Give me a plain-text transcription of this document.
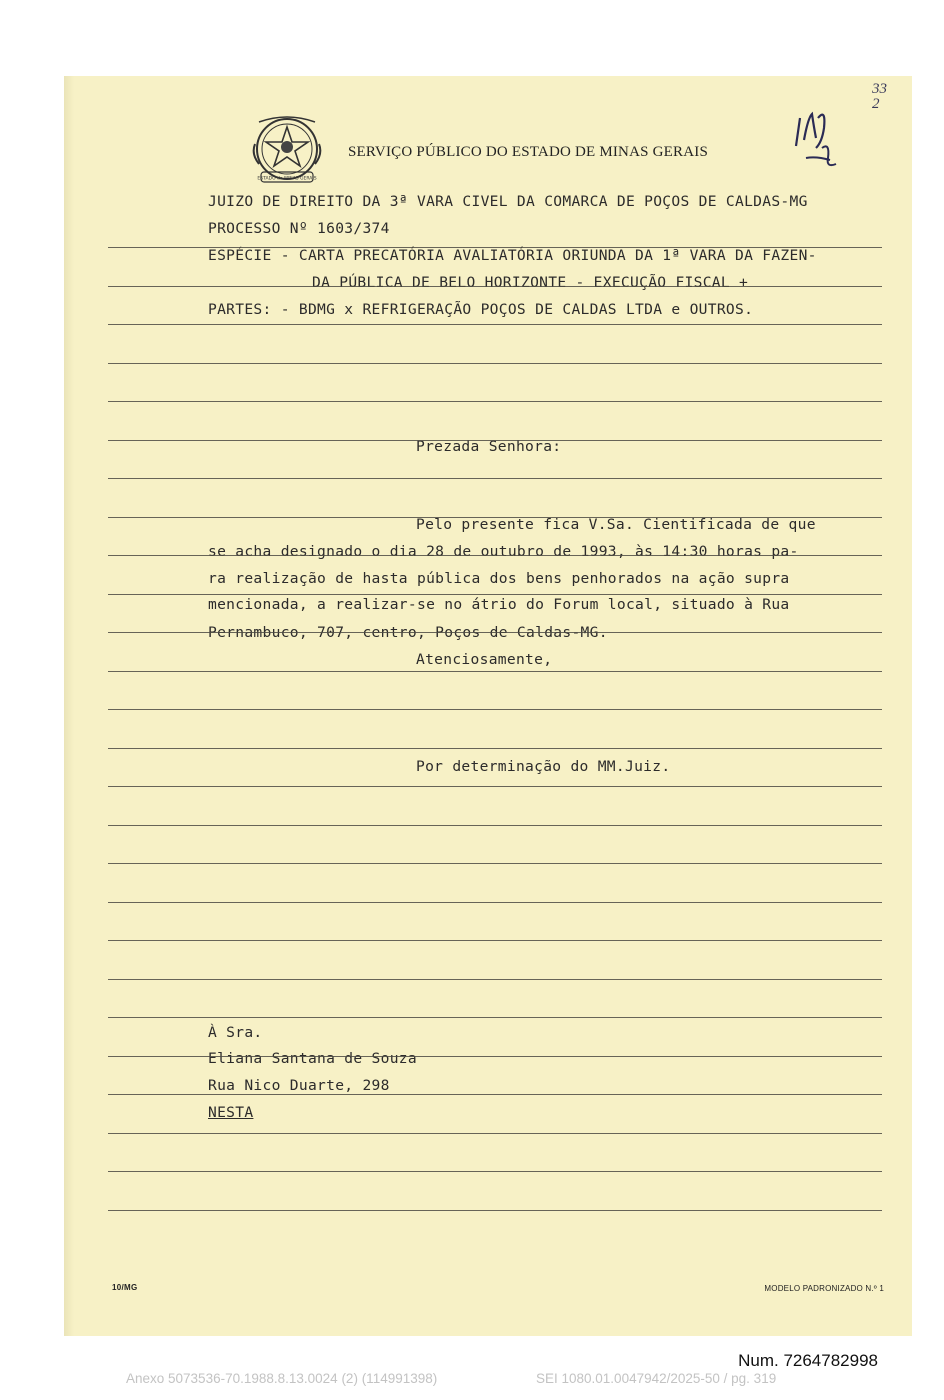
ESTADO de MINAS GERAIS
SERVIÇO PÚBLICO DO ESTADO DE MINAS GERAIS
33
2
JUIZO DE DIREITO DA 3ª VARA CIVEL DA COMARCA DE POÇOS DE CALDAS-MG
PROCESSO Nº 1603/374
ESPÉCIE - CARTA PRECATÓRIA AVALIATÓRIA ORIUNDA DA 1ª VARA DA FAZEN-
DA PÚBLICA DE BELO HORIZONTE - EXECUÇÃO FISCAL +
PARTES: - BDMG x REFRIGERAÇÃO POÇOS DE CALDAS LTDA e OUTROS.
Prezada Senhora:
Pelo presente fica V.Sa. Cientificada de que
se acha designado o dia 28 de outubro de 1993, às 14:30 horas pa-
ra realização de hasta pública dos bens penhorados na ação supra
mencionada, a realizar-se no átrio do Forum local, situado à Rua
Pernambuco, 707, centro, Poços de Caldas-MG.
Atenciosamente,
Por determinação do MM.Juiz.
À Sra.
Eliana Santana de Souza
Rua Nico Duarte, 298
NESTA
10/MG	MODELO PADRONIZADO N.º 1
Num. 7264782998
Anexo 5073536-70.1988.8.13.0024 (2) (114991398)	SEI 1080.01.0047942/2025-50 / pg. 319
